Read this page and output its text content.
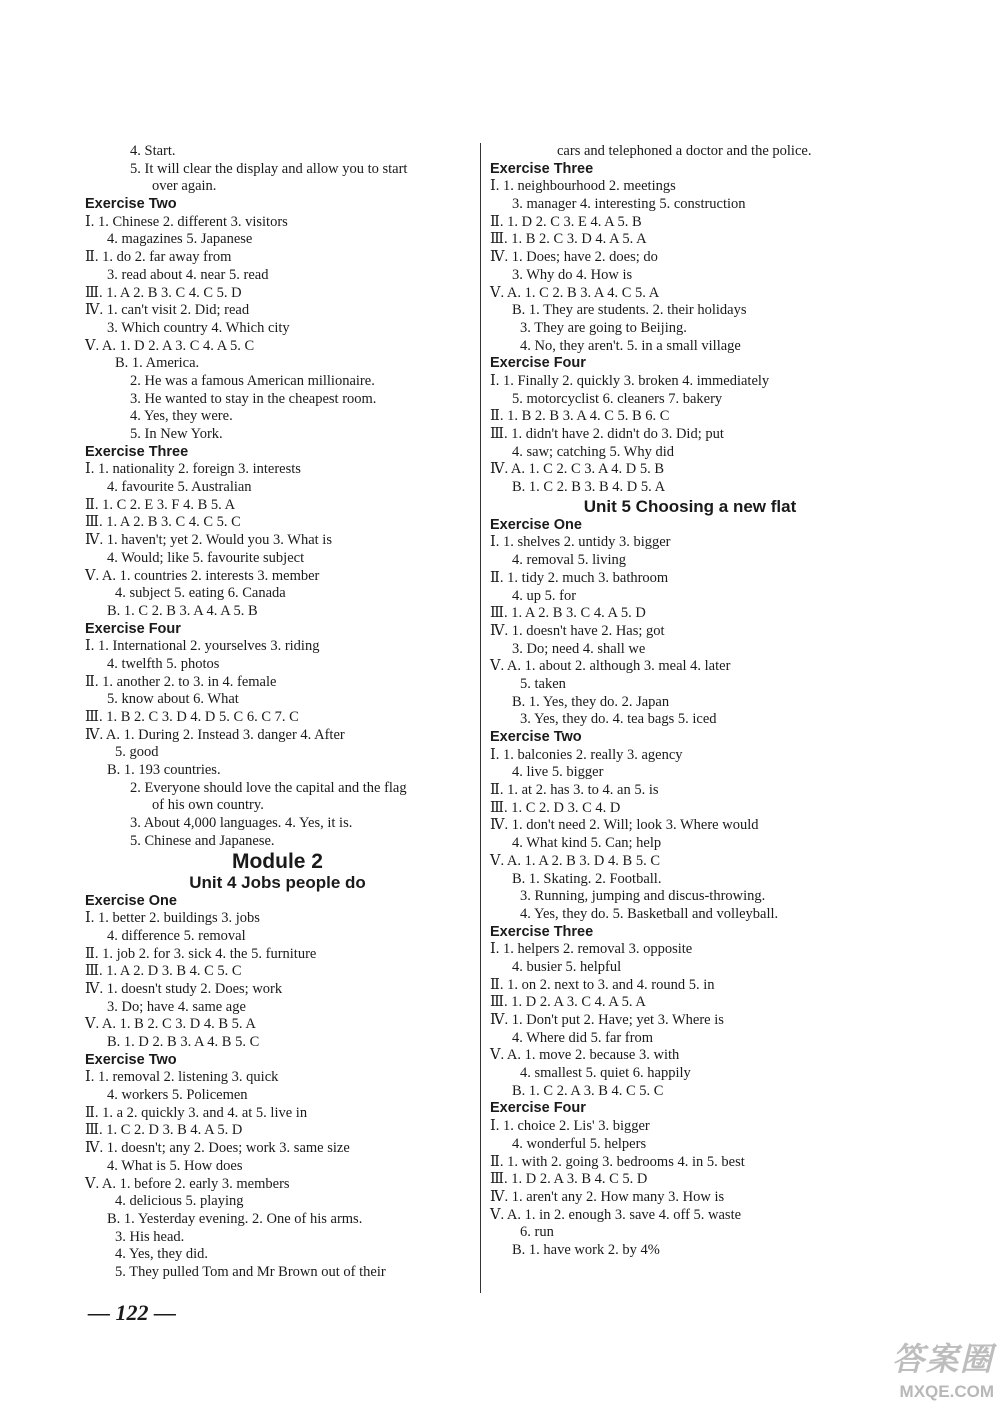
4. Start.
5. It will clear the display and allow you to start
over again.
Exercise Two
Ⅰ. 1. Chinese 2. different 3. visitors
4. magazines 5. Japanese
Ⅱ. 1. do 2. far away from
3. read about 4. near 5. read
Ⅲ. 1. A 2. B 3. C 4. C 5. D
Ⅳ. 1. can't visit 2. Did; read
3. Which country 4. Which city
Ⅴ. A. 1. D 2. A 3. C 4. A 5. C
B. 1. America.
2. He was a famous American millionaire.
3. He wanted to stay in the cheapest room.
4. Yes, they were.
5. In New York.
Exercise Three
Ⅰ. 1. nationality 2. foreign 3. interests
4. favourite 5. Australian
Ⅱ. 1. C 2. E 3. F 4. B 5. A
Ⅲ. 1. A 2. B 3. C 4. C 5. C
Ⅳ. 1. haven't; yet 2. Would you 3. What is
4. Would; like 5. favourite subject
Ⅴ. A. 1. countries 2. interests 3. member
4. subject 5. eating 6. Canada
B. 1. C 2. B 3. A 4. A 5. B
Exercise Four
Ⅰ. 1. International 2. yourselves 3. riding
4. twelfth 5. photos
Ⅱ. 1. another 2. to 3. in 4. female
5. know about 6. What
Ⅲ. 1. B 2. C 3. D 4. D 5. C 6. C 7. C
Ⅳ. A. 1. During 2. Instead 3. danger 4. After
5. good
B. 1. 193 countries.
2. Everyone should love the capital and the flag
of his own country.
3. About 4,000 languages. 4. Yes, it is.
5. Chinese and Japanese.
Module 2
Unit 4 Jobs people do
Exercise One
Ⅰ. 1. better 2. buildings 3. jobs
4. difference 5. removal
Ⅱ. 1. job 2. for 3. sick 4. the 5. furniture
Ⅲ. 1. A 2. D 3. B 4. C 5. C
Ⅳ. 1. doesn't study 2. Does; work
3. Do; have 4. same age
Ⅴ. A. 1. B 2. C 3. D 4. B 5. A
B. 1. D 2. B 3. A 4. B 5. C
Exercise Two
Ⅰ. 1. removal 2. listening 3. quick
4. workers 5. Policemen
Ⅱ. 1. a 2. quickly 3. and 4. at 5. live in
Ⅲ. 1. C 2. D 3. B 4. A 5. D
Ⅳ. 1. doesn't; any 2. Does; work 3. same size
4. What is 5. How does
Ⅴ. A. 1. before 2. early 3. members
4. delicious 5. playing
B. 1. Yesterday evening. 2. One of his arms.
3. His head.
4. Yes, they did.
5. They pulled Tom and Mr Brown out of their
cars and telephoned a doctor and the police.
Exercise Three
Ⅰ. 1. neighbourhood 2. meetings
3. manager 4. interesting 5. construction
Ⅱ. 1. D 2. C 3. E 4. A 5. B
Ⅲ. 1. B 2. C 3. D 4. A 5. A
Ⅳ. 1. Does; have 2. does; do
3. Why do 4. How is
Ⅴ. A. 1. C 2. B 3. A 4. C 5. A
B. 1. They are students. 2. their holidays
3. They are going to Beijing.
4. No, they aren't. 5. in a small village
Exercise Four
Ⅰ. 1. Finally 2. quickly 3. broken 4. immediately
5. motorcyclist 6. cleaners 7. bakery
Ⅱ. 1. B 2. B 3. A 4. C 5. B 6. C
Ⅲ. 1. didn't have 2. didn't do 3. Did; put
4. saw; catching 5. Why did
Ⅳ. A. 1. C 2. C 3. A 4. D 5. B
B. 1. C 2. B 3. B 4. D 5. A
Unit 5 Choosing a new flat
Exercise One
Ⅰ. 1. shelves 2. untidy 3. bigger
4. removal 5. living
Ⅱ. 1. tidy 2. much 3. bathroom
4. up 5. for
Ⅲ. 1. A 2. B 3. C 4. A 5. D
Ⅳ. 1. doesn't have 2. Has; got
3. Do; need 4. shall we
Ⅴ. A. 1. about 2. although 3. meal 4. later
5. taken
B. 1. Yes, they do. 2. Japan
3. Yes, they do. 4. tea bags 5. iced
Exercise Two
Ⅰ. 1. balconies 2. really 3. agency
4. live 5. bigger
Ⅱ. 1. at 2. has 3. to 4. an 5. is
Ⅲ. 1. C 2. D 3. C 4. D
Ⅳ. 1. don't need 2. Will; look 3. Where would
4. What kind 5. Can; help
Ⅴ. A. 1. A 2. B 3. D 4. B 5. C
B. 1. Skating. 2. Football.
3. Running, jumping and discus-throwing.
4. Yes, they do. 5. Basketball and volleyball.
Exercise Three
Ⅰ. 1. helpers 2. removal 3. opposite
4. busier 5. helpful
Ⅱ. 1. on 2. next to 3. and 4. round 5. in
Ⅲ. 1. D 2. A 3. C 4. A 5. A
Ⅳ. 1. Don't put 2. Have; yet 3. Where is
4. Where did 5. far from
Ⅴ. A. 1. move 2. because 3. with
4. smallest 5. quiet 6. happily
B. 1. C 2. A 3. B 4. C 5. C
Exercise Four
Ⅰ. 1. choice 2. Lis' 3. bigger
4. wonderful 5. helpers
Ⅱ. 1. with 2. going 3. bedrooms 4. in 5. best
Ⅲ. 1. D 2. A 3. B 4. C 5. D
Ⅳ. 1. aren't any 2. How many 3. How is
Ⅴ. A. 1. in 2. enough 3. save 4. off 5. waste
6. run
B. 1. have work 2. by 4%
— 122 —
答案圈
MXQE.COM
